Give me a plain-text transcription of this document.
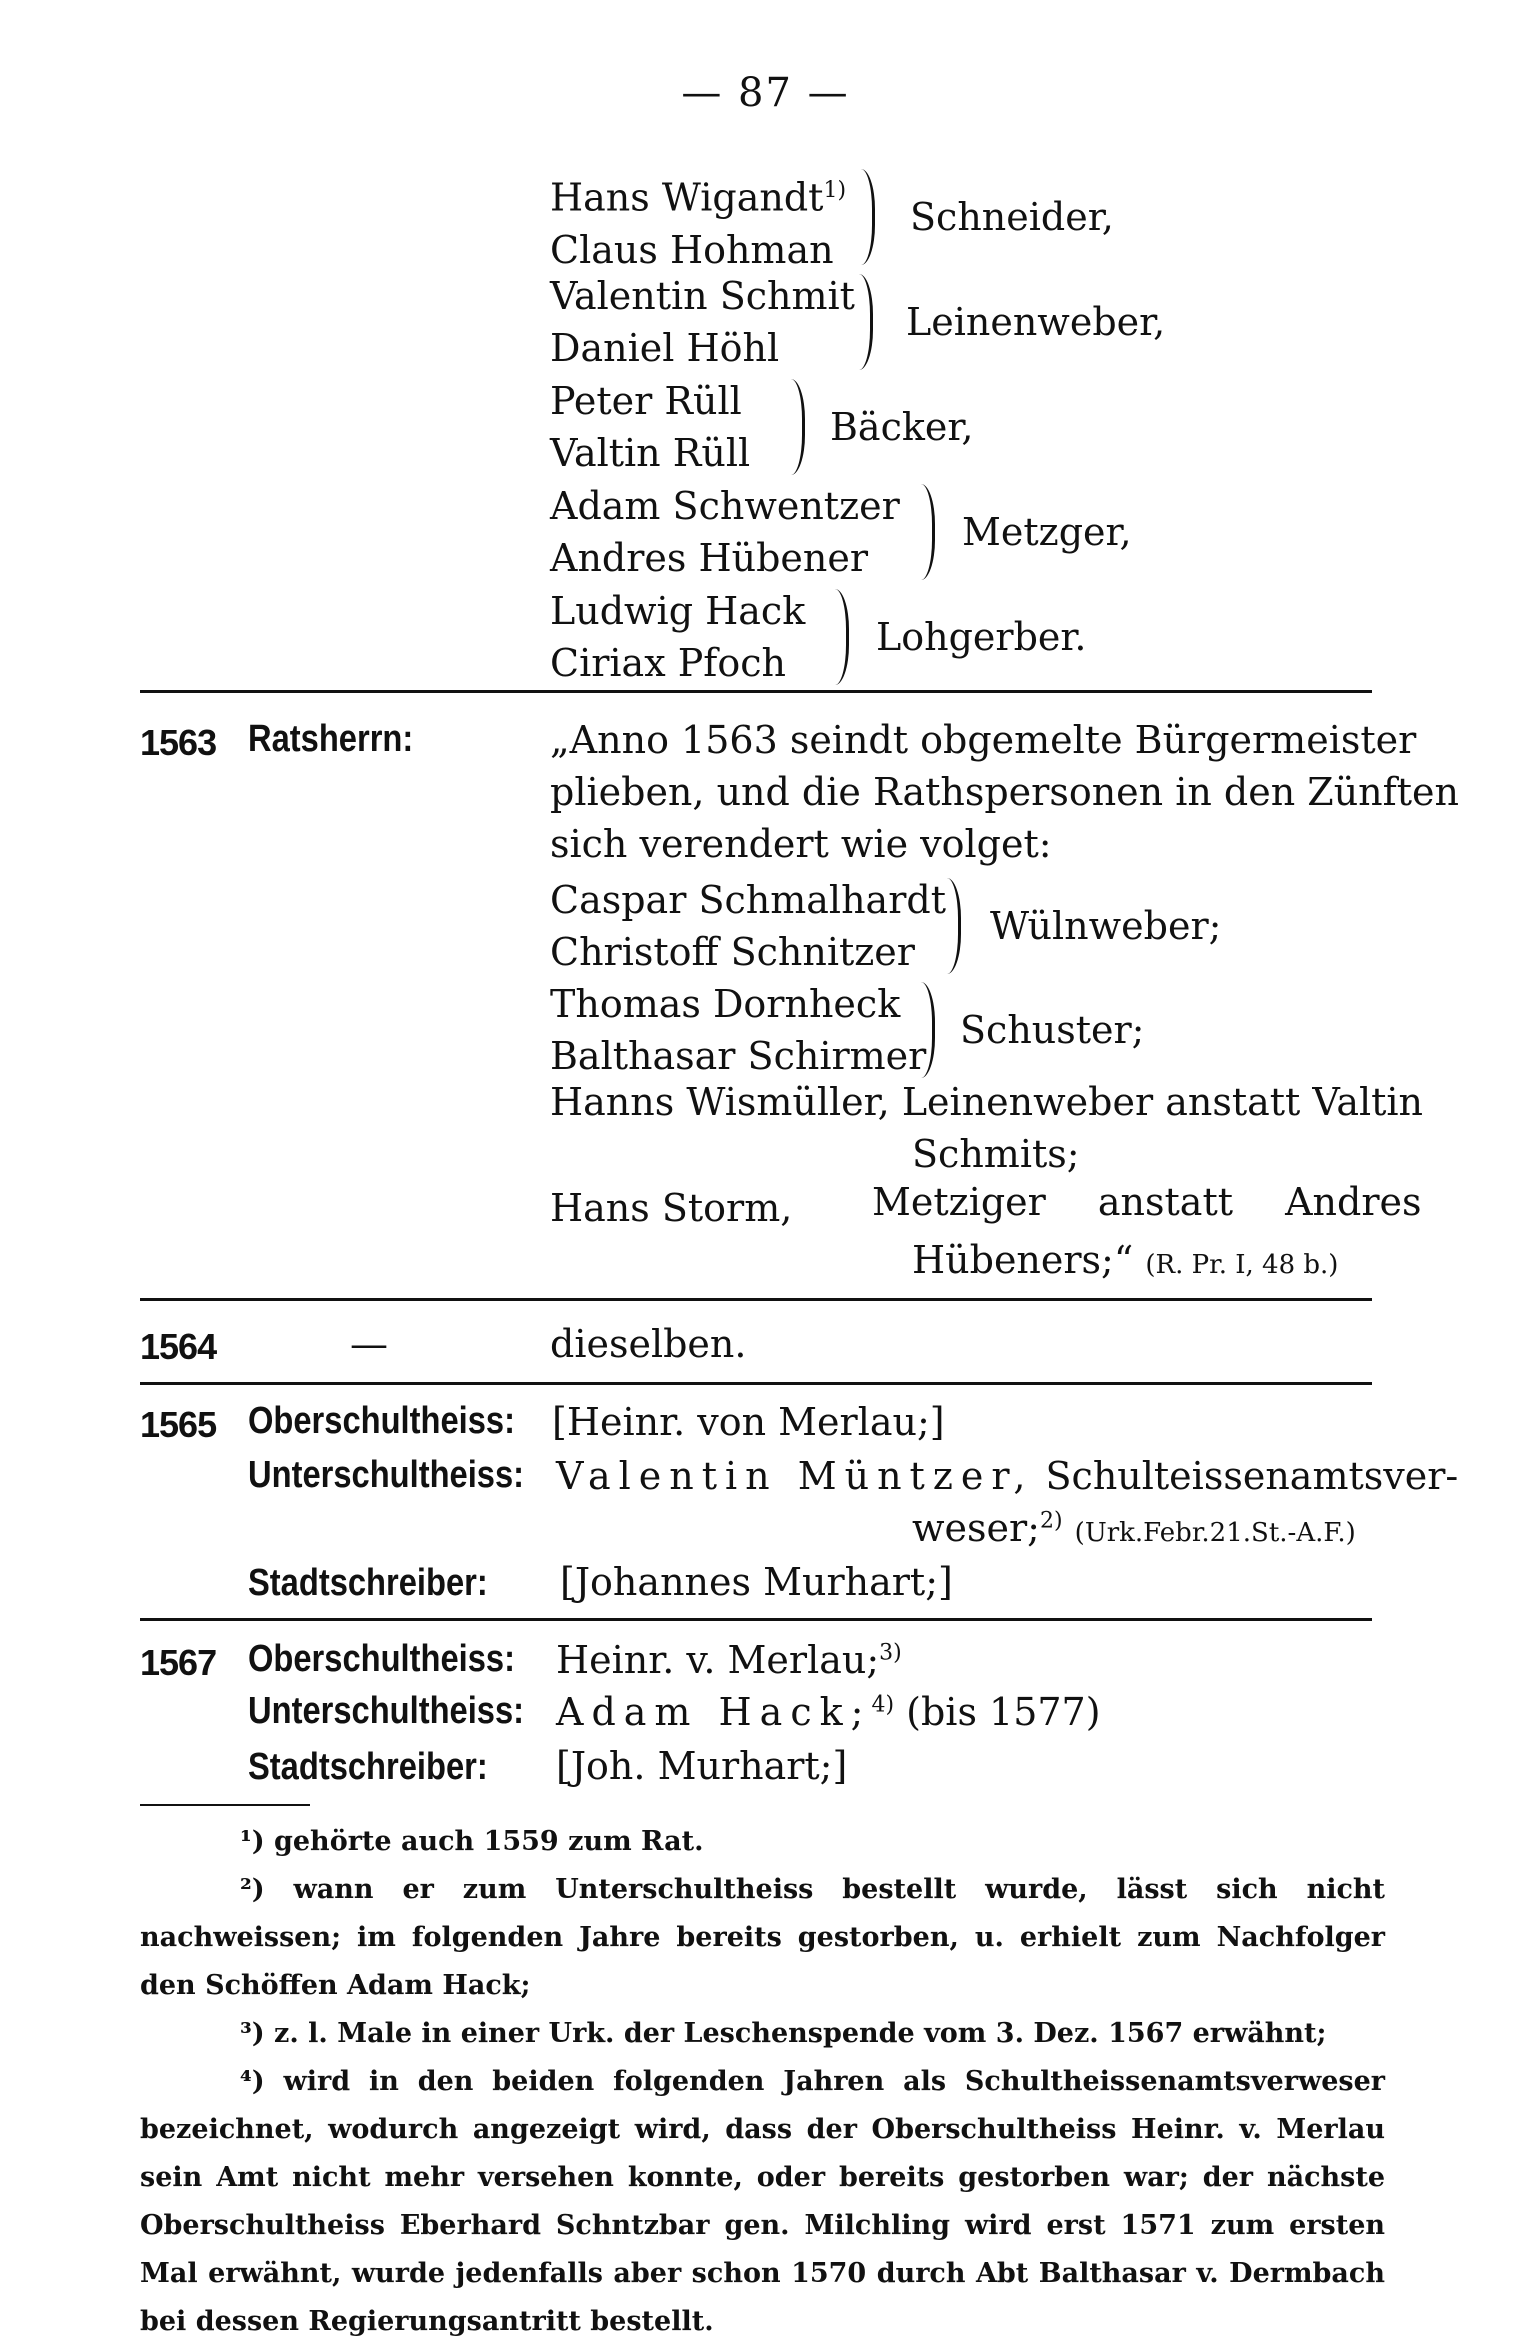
— 87 —
Hans Wigandt$^{1)}$
Claus Hohman
Schneider,
Valentin Schmit
Daniel Höhl
Leinenweber,
Peter Rüll
Valtin Rüll
Bäcker,
Adam Schwentzer
Andres Hübener
Metzger,
Ludwig Hack
Ciriax Pfoch
Lohgerber.
1563 Ratsherrn:	„Anno 1563 seindt obgemelte Bürgermeister
plieben, und die Rathspersonen in den Zünften
sich verendert wie volget:
Caspar Schmalhardt
Christoff Schnitzer
Wülnweber;
Thomas Dornheck
Balthasar Schirmer
Schuster;
Hanns Wismüller, Leinenweber anstatt Valtin
Schmits;
Hans Storm, Metziger anstatt Andres
Hübeners;“ (R. Pr. I, 48 b.)
1564	—	dieselben.
1565 Oberschultheiss: [Heinr. von Merlau;]
Unterschultheiss: Valentin Müntzer, Schulteissenamtsver-
weser;$^{2)}$ (Urk.Febr.21.St.-A.F.)
Stadtschreiber: [Johannes Murhart;]
1567 Oberschultheiss: Heinr. v. Merlau;$^{3)}$
Unterschultheiss: Adam Hack;$^{4)}$ (bis 1577)
Stadtschreiber: [Joh. Murhart;]
¹) gehörte auch 1559 zum Rat.
²) wann er zum Unterschultheiss bestellt wurde, lässt sich nicht nachweissen; im folgenden Jahre bereits gestorben, u. erhielt zum Nachfolger den Schöffen Adam Hack;
³) z. l. Male in einer Urk. der Leschenspende vom 3. Dez. 1567 erwähnt;
⁴) wird in den beiden folgenden Jahren als Schultheissenamtsverweser bezeichnet, wodurch angezeigt wird, dass der Oberschultheiss Heinr. v. Merlau sein Amt nicht mehr versehen konnte, oder bereits gestorben war; der nächste Oberschultheiss Eberhard Schntzbar gen. Milchling wird erst 1571 zum ersten Mal erwähnt, wurde jedenfalls aber schon 1570 durch Abt Balthasar v. Dermbach bei dessen Regierungsantritt bestellt.
